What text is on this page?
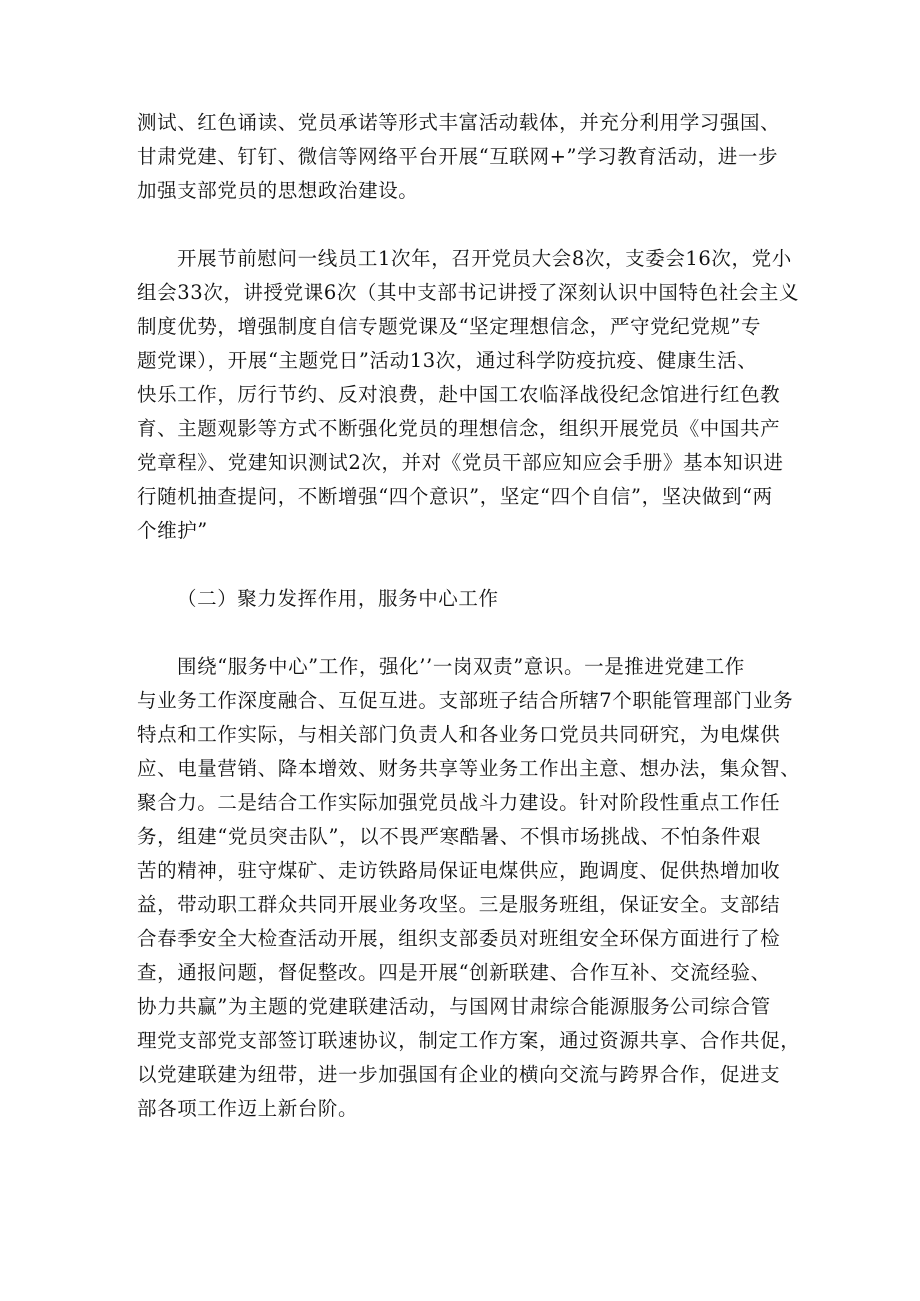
测试、红色诵读、党员承诺等形式丰富活动载体，并充分利用学习强国、
甘肃党建、钉钉、微信等网络平台开展“互联网+”学习教育活动，进一步
加强支部党员的思想政治建设。
开展节前慰问一线员工1次年，召开党员大会8次，支委会16次，党小
组会33次，讲授党课6次（其中支部书记讲授了深刻认识中国特色社会主义
制度优势，增强制度自信专题党课及“坚定理想信念，严守党纪党规”专
题党课），开展“主题党日”活动13次，通过科学防疫抗疫、健康生活、
快乐工作，厉行节约、反对浪费，赴中国工农临泽战役纪念馆进行红色教
育、主题观影等方式不断强化党员的理想信念，组织开展党员《中国共产
党章程》、党建知识测试2次，并对《党员干部应知应会手册》基本知识进
行随机抽查提问，不断增强“四个意识”，坚定“四个自信”，坚决做到“两
个维护”
（二）聚力发挥作用，服务中心工作
围绕“服务中心”工作，强化’’一岗双责”意识。一是推进党建工作
与业务工作深度融合、互促互进。支部班子结合所辖7个职能管理部门业务
特点和工作实际，与相关部门负责人和各业务口党员共同研究，为电煤供
应、电量营销、降本增效、财务共享等业务工作出主意、想办法，集众智、
聚合力。二是结合工作实际加强党员战斗力建设。针对阶段性重点工作任
务，组建“党员突击队”，以不畏严寒酷暑、不惧市场挑战、不怕条件艰
苦的精神，驻守煤矿、走访铁路局保证电煤供应，跑调度、促供热增加收
益，带动职工群众共同开展业务攻坚。三是服务班组，保证安全。支部结
合春季安全大检查活动开展，组织支部委员对班组安全环保方面进行了检
查，通报问题，督促整改。四是开展“创新联建、合作互补、交流经验、
协力共赢”为主题的党建联建活动，与国网甘肃综合能源服务公司综合管
理党支部党支部签订联速协议，制定工作方案，通过资源共享、合作共促，
以党建联建为纽带，进一步加强国有企业的横向交流与跨界合作，促进支
部各项工作迈上新台阶。
